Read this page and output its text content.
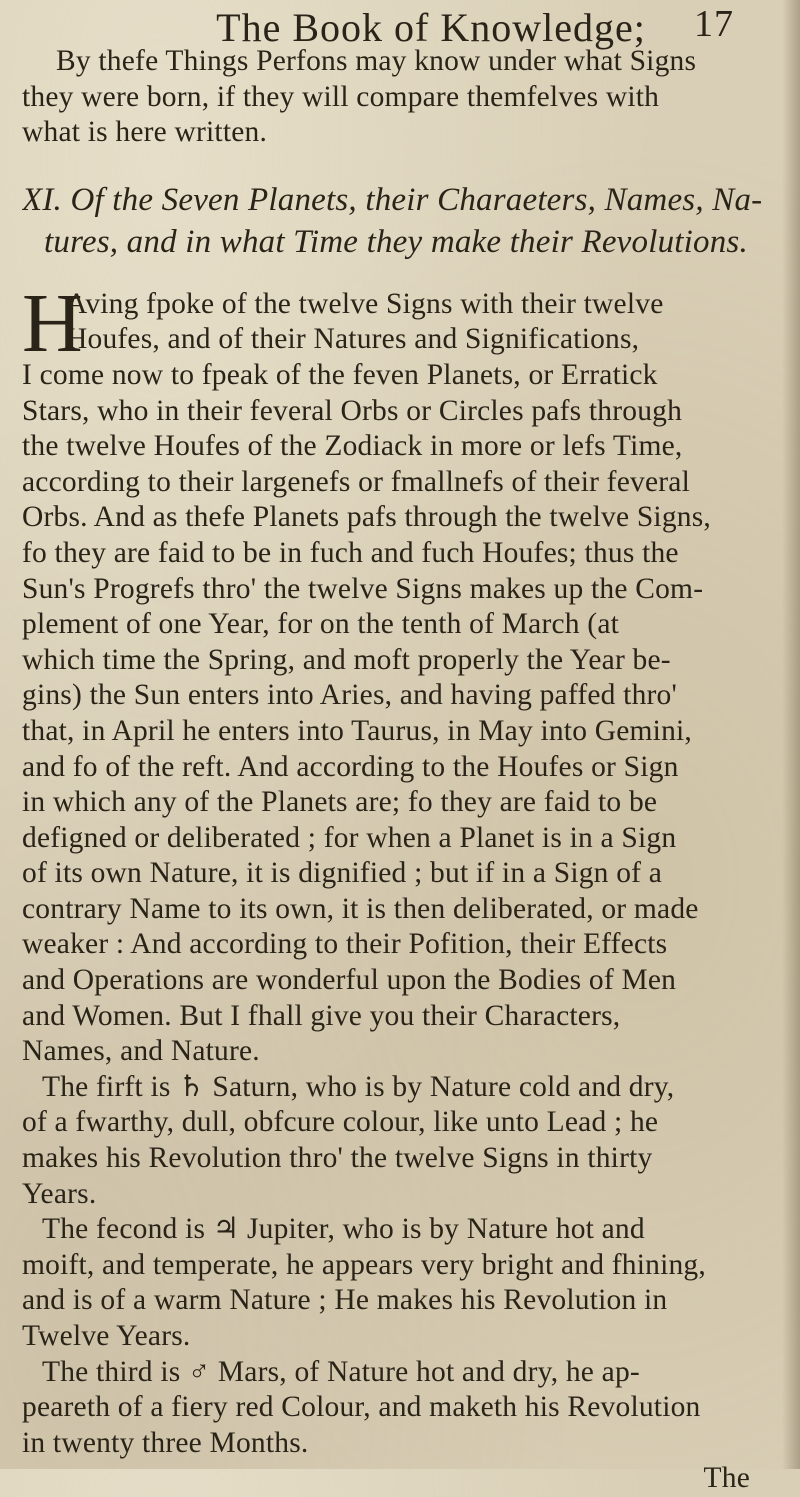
The Book of Knowledge; 17
By thefe Things Perfons may know under what Signs
they were born, if they will compare themfelves with
what is here written.
XI. Of the Seven Planets, their Charaeters, Names, Na-
tures, and in what Time they make their Revolutions.
H
Aving fpoke of the twelve Signs with their twelve
Houfes, and of their Natures and Significations,
I come now to fpeak of the feven Planets, or Erratick
Stars, who in their feveral Orbs or Circles pafs through
the twelve Houfes of the Zodiack in more or lefs Time,
according to their largenefs or fmallnefs of their feveral
Orbs. And as thefe Planets pafs through the twelve Signs,
fo they are faid to be in fuch and fuch Houfes; thus the
Sun's Progrefs thro' the twelve Signs makes up the Com-
plement of one Year, for on the tenth of March (at
which time the Spring, and moft properly the Year be-
gins) the Sun enters into Aries, and having paffed thro'
that, in April he enters into Taurus, in May into Gemini,
and fo of the reft. And according to the Houfes or Sign
in which any of the Planets are; fo they are faid to be
defigned or deliberated ; for when a Planet is in a Sign
of its own Nature, it is dignified ; but if in a Sign of a
contrary Name to its own, it is then deliberated, or made
weaker : And according to their Pofition, their Effects
and Operations are wonderful upon the Bodies of Men
and Women. But I fhall give you their Characters,
Names, and Nature.
The firft is ♄ Saturn, who is by Nature cold and dry,
of a fwarthy, dull, obfcure colour, like unto Lead ; he
makes his Revolution thro' the twelve Signs in thirty
Years.
The fecond is ♃ Jupiter, who is by Nature hot and
moift, and temperate, he appears very bright and fhining,
and is of a warm Nature ; He makes his Revolution in
Twelve Years.
The third is ♂ Mars, of Nature hot and dry, he ap-
peareth of a fiery red Colour, and maketh his Revolution
in twenty three Months.
The
